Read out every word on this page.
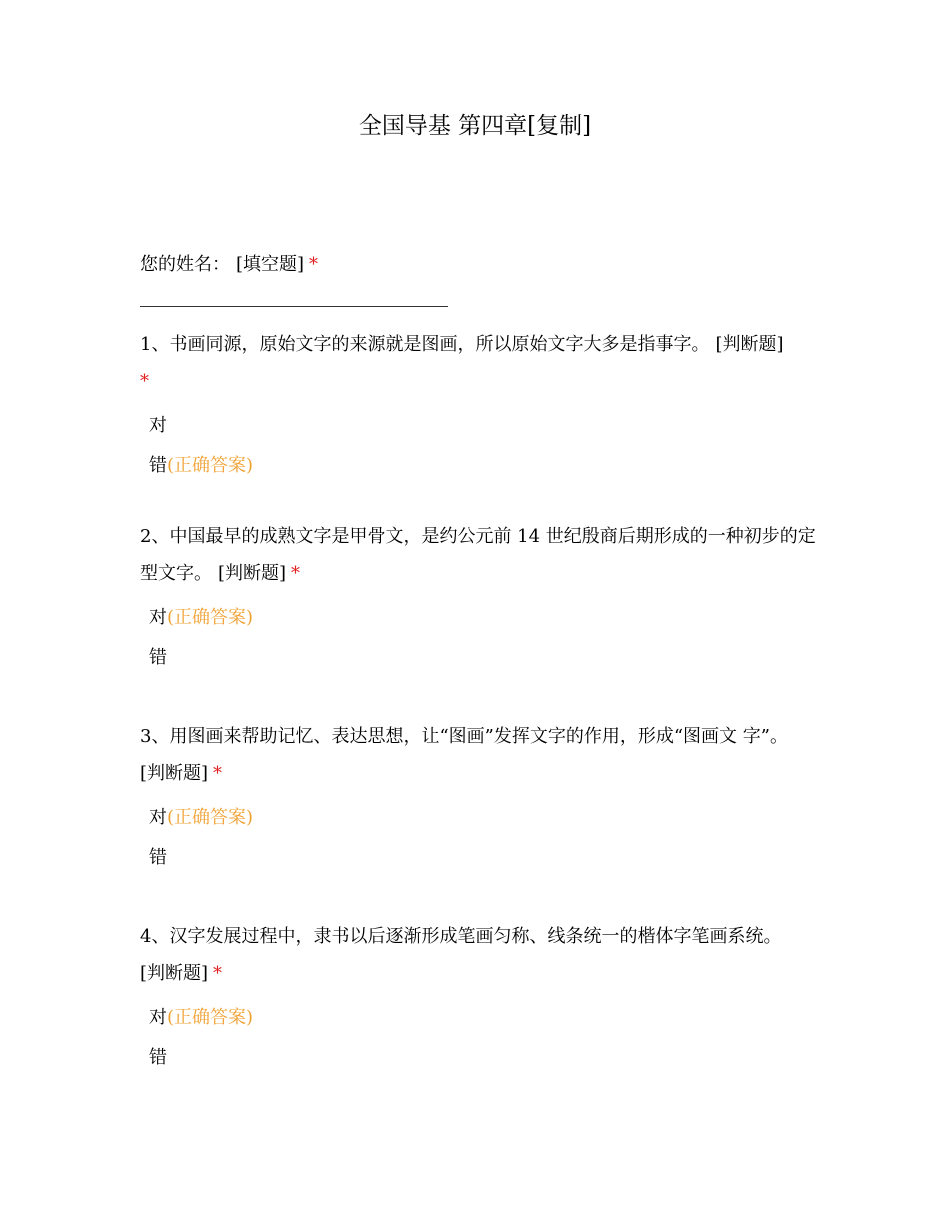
全国导基 第四章[复制]
您的姓名： [填空题] *

1、书画同源，原始文字的来源就是图画，所以原始文字大多是指事字。 [判断题]
*

对
错(正确答案)

2、中国最早的成熟文字是甲骨文，是约公元前 14 世纪殷商后期形成的一种初步的定型文字。 [判断题] *

对(正确答案)
错

3、用图画来帮助记忆、表达思想，让“图画”发挥文字的作用，形成“图画文 字”。
[判断题] *

对(正确答案)
错

4、汉字发展过程中，隶书以后逐渐形成笔画匀称、线条统一的楷体字笔画系统。
[判断题] *

对(正确答案)
错
